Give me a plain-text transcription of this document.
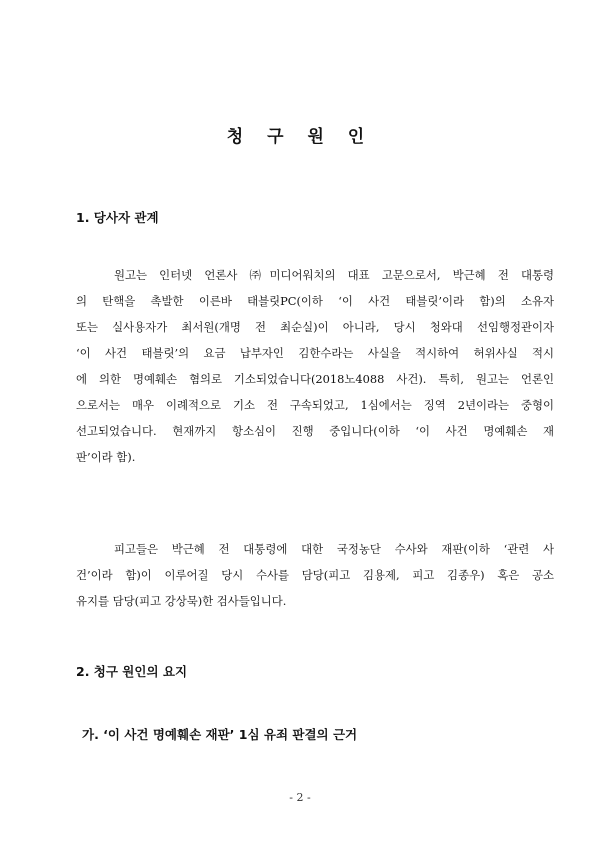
청 구 원 인
1. 당사자 관계
원고는 인터넷 언론사 ㈜미디어워치의 대표 고문으로서, 박근혜 전 대통령
의 탄핵을 촉발한 이른바 태블릿PC(이하 ‘이 사건 태블릿’이라 함)의 소유자
또는 실사용자가 최서원(개명 전 최순실)이 아니라, 당시 청와대 선임행정관이자
‘이 사건 태블릿’의 요금 납부자인 김한수라는 사실을 적시하여 허위사실 적시
에 의한 명예훼손 혐의로 기소되었습니다(2018노4088 사건). 특히, 원고는 언론인
으로서는 매우 이례적으로 기소 전 구속되었고, 1심에서는 징역 2년이라는 중형이
선고되었습니다. 현재까지 항소심이 진행 중입니다(이하 ‘이 사건 명예훼손 재
판’이라 함).
피고들은 박근혜 전 대통령에 대한 국정농단 수사와 재판(이하 ‘관련 사
건’이라 함)이 이루어질 당시 수사를 담당(피고 김용제, 피고 김종우) 혹은 공소
유지를 담당(피고 강상묵)한 검사들입니다.
2. 청구 원인의 요지
가. ‘이 사건 명예훼손 재판’ 1심 유죄 판결의 근거
- 2 -
